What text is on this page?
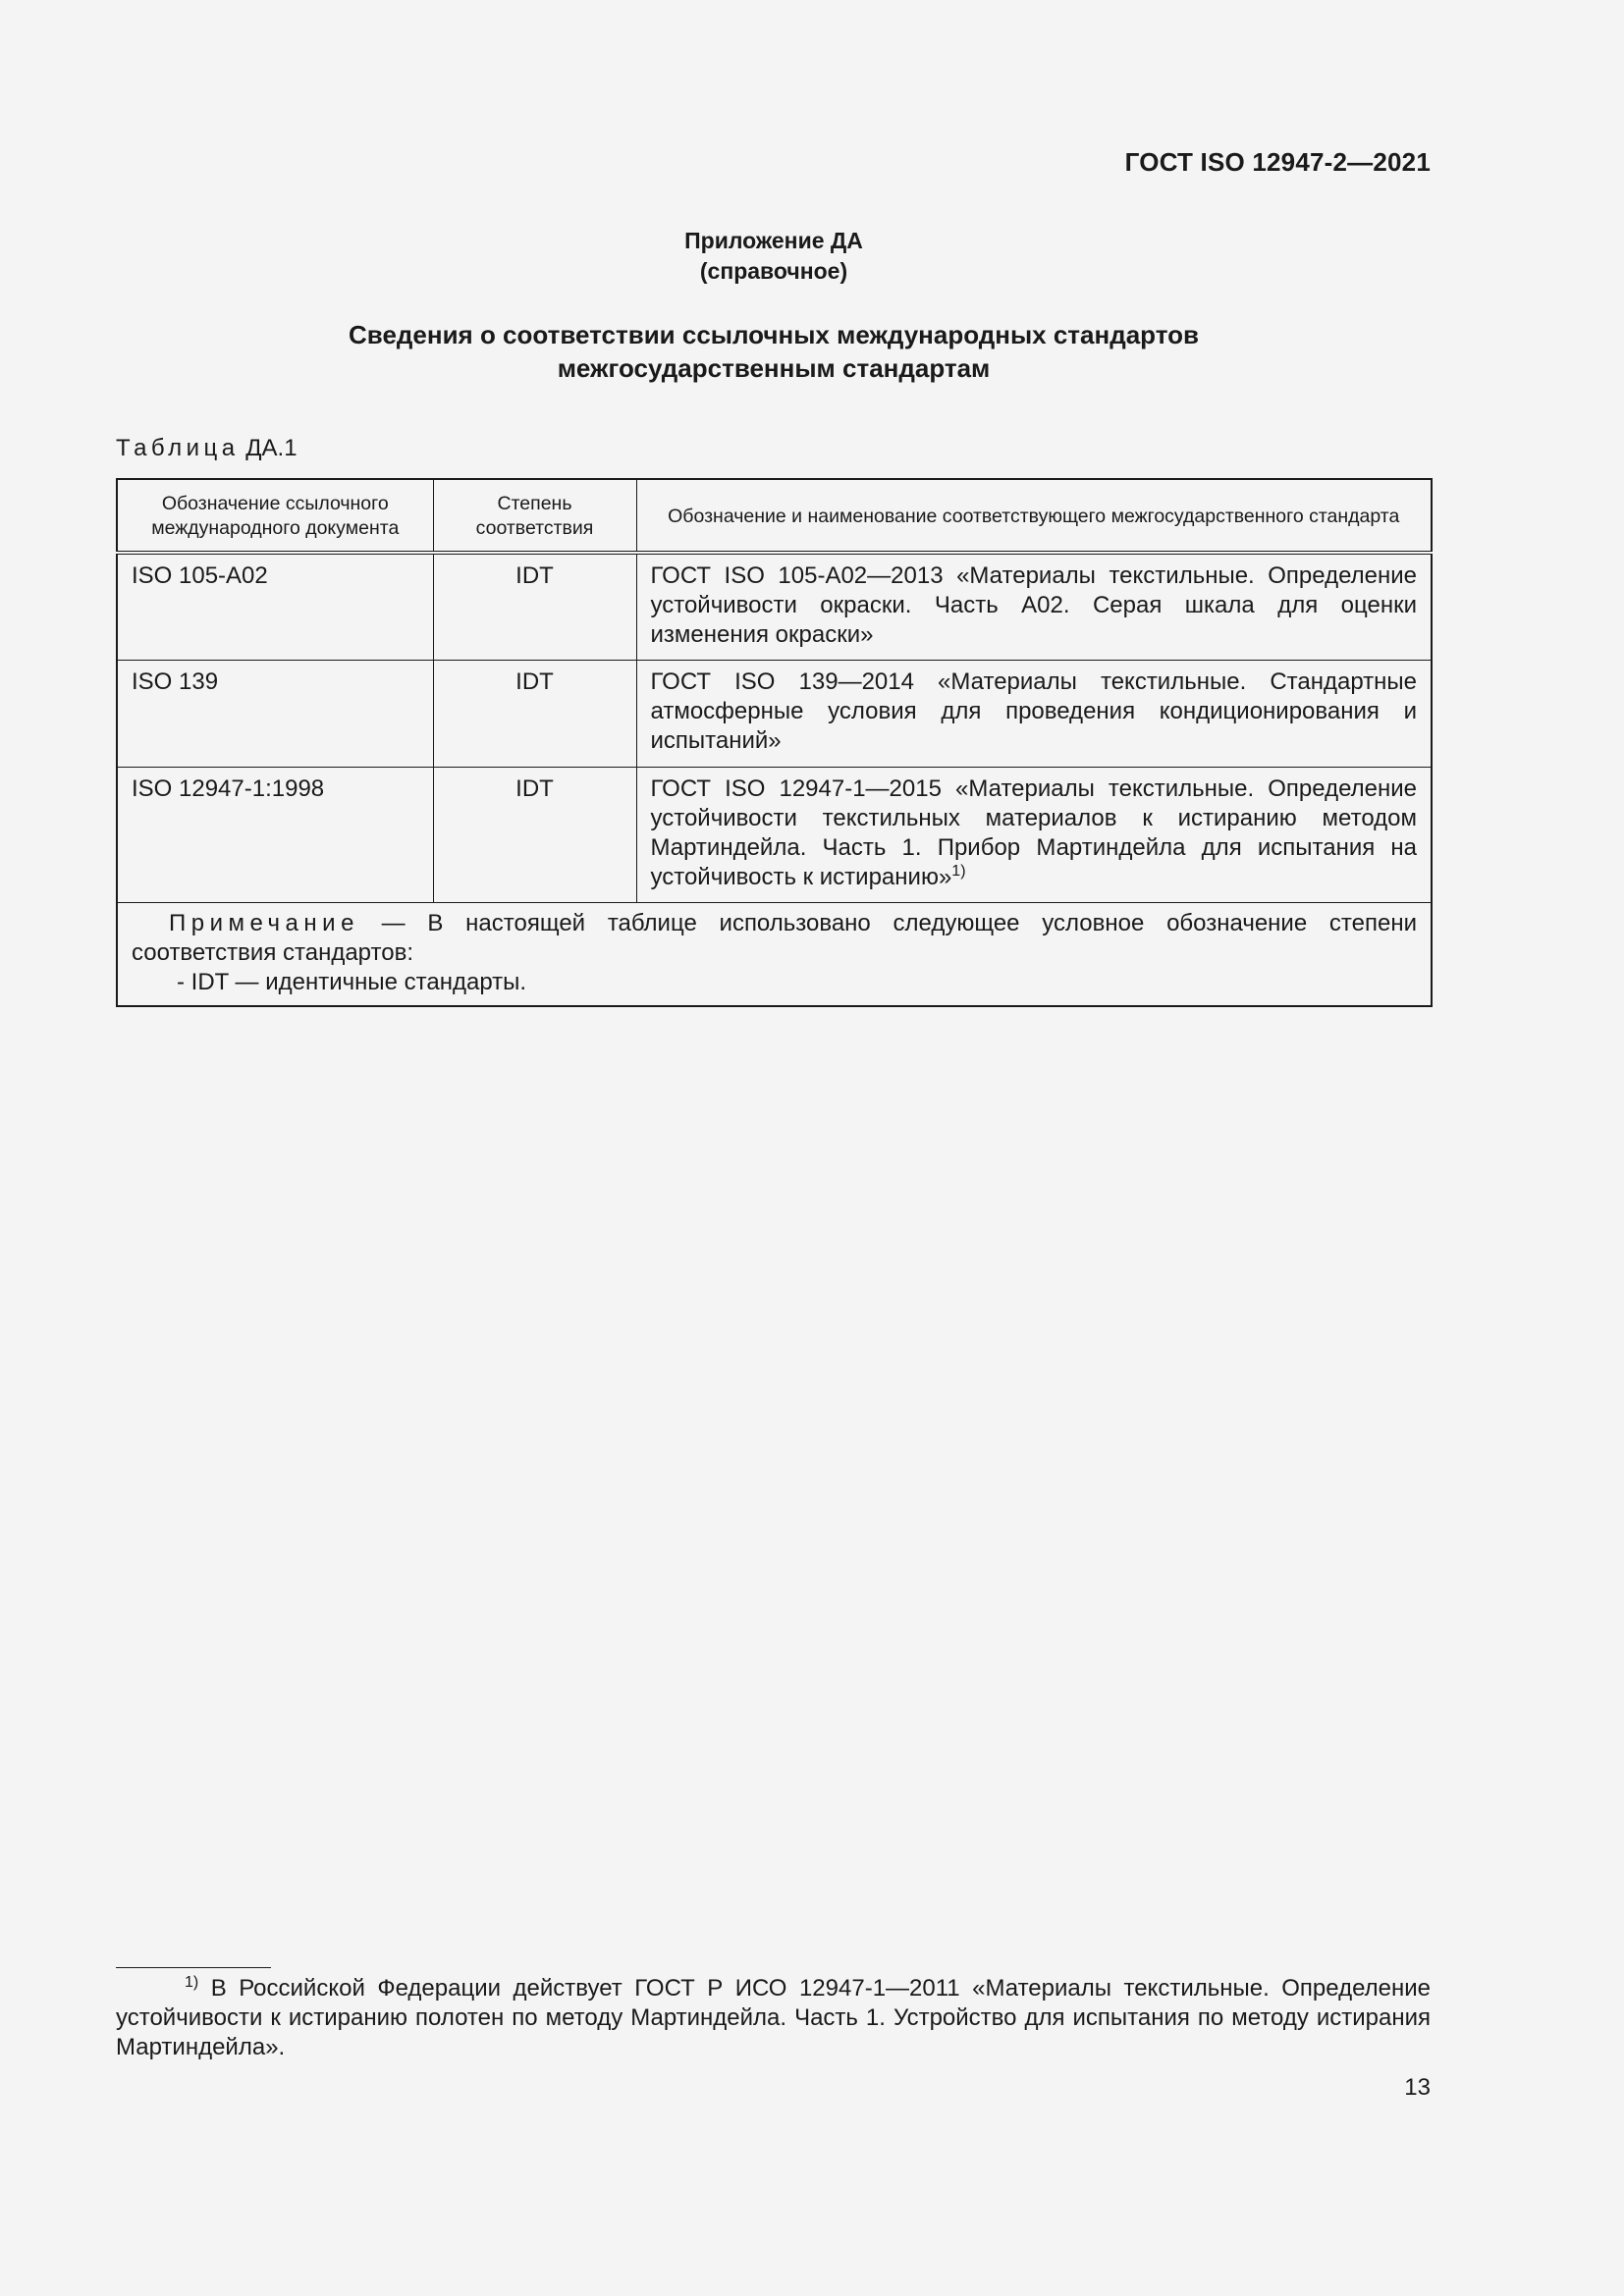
ГОСТ ISO 12947-2—2021
Приложение ДА
(справочное)
Сведения о соответствии ссылочных международных стандартов
межгосударственным стандартам
Таблица ДА.1
Обозначение ссылочного международного документа	Степень соответствия	Обозначение и наименование соответствующего межгосударственного стандарта
ISO 105-A02	IDT	ГОСТ ISO 105-A02—2013 «Материалы текстильные. Определение устойчивости окраски. Часть А02. Серая шкала для оценки изменения окраски»
ISO 139	IDT	ГОСТ ISO 139—2014 «Материалы текстильные. Стандартные атмосферные условия для проведения кондиционирования и испытаний»
ISO 12947-1:1998	IDT	ГОСТ ISO 12947-1—2015 «Материалы текстильные. Определение устойчивости текстильных материалов к истиранию методом Мартиндейла. Часть 1. Прибор Мартиндейла для испытания на устойчивость к истиранию»$^{1)}$
Примечание — В настоящей таблице использовано следующее условное обозначение степени соответствия стандартов:
- IDT — идентичные стандарты.		
$^{1)}$ В Российской Федерации действует ГОСТ Р ИСО 12947-1—2011 «Материалы текстильные. Определение устойчивости к истиранию полотен по методу Мартиндейла. Часть 1. Устройство для испытания по методу истирания Мартиндейла».
13
